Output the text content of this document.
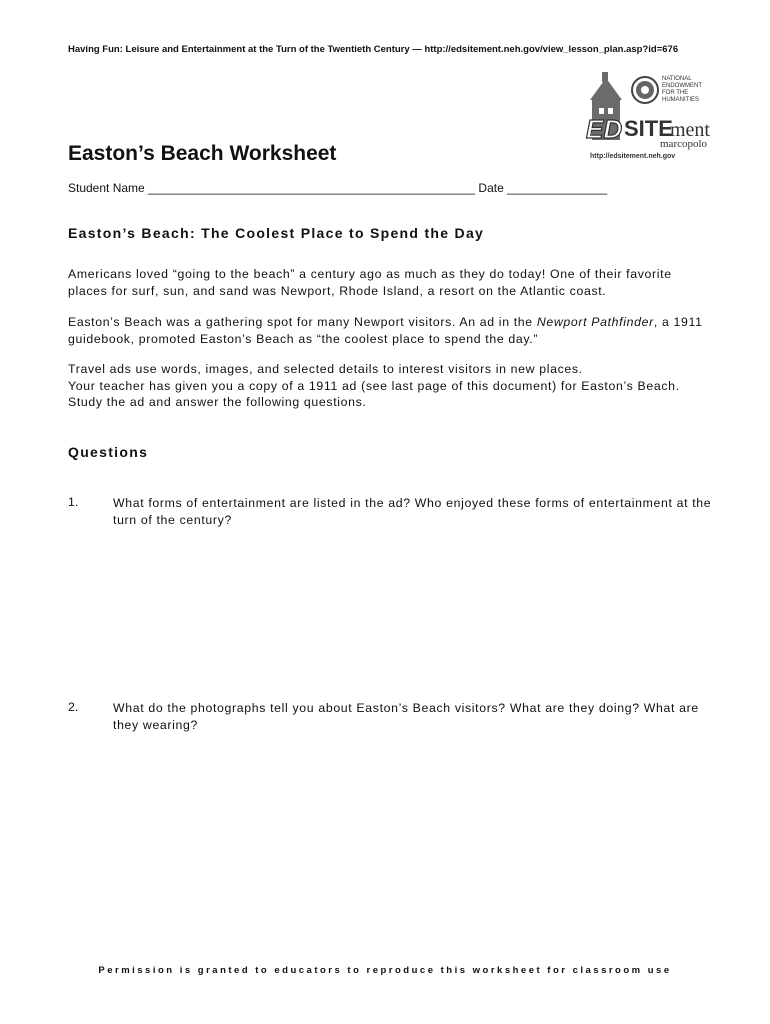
Having Fun: Leisure and Entertainment at the Turn of the Twentieth Century — http://edsitement.neh.gov/view_lesson_plan.asp?id=676
NATIONAL
ENDOWMENT
FOR THE
HUMANITIES
ED SITE
ment
marcopolo
http://edsitement.neh.gov
Easton’s Beach Worksheet
Student Name _________________________________________________ Date _______________
Easton’s Beach: The Coolest Place to Spend the Day
Americans loved “going to the beach” a century ago as much as they do today! One of their favorite places for surf, sun, and sand was Newport, Rhode Island, a resort on the Atlantic coast.
Easton’s Beach was a gathering spot for many Newport visitors. An ad in the Newport Pathfinder, a 1911 guidebook, promoted Easton’s Beach as “the coolest place to spend the day.”
Travel ads use words, images, and selected details to interest visitors in new places.
Your teacher has given you a copy of a 1911 ad (see last page of this document) for Easton’s Beach. Study the ad and answer the following questions.
Questions
1.	What forms of entertainment are listed in the ad? Who enjoyed these forms of entertainment at the turn of the century?
2.	What do the photographs tell you about Easton’s Beach visitors? What are they doing? What are they wearing?
Permission is granted to educators to reproduce this worksheet for classroom use
